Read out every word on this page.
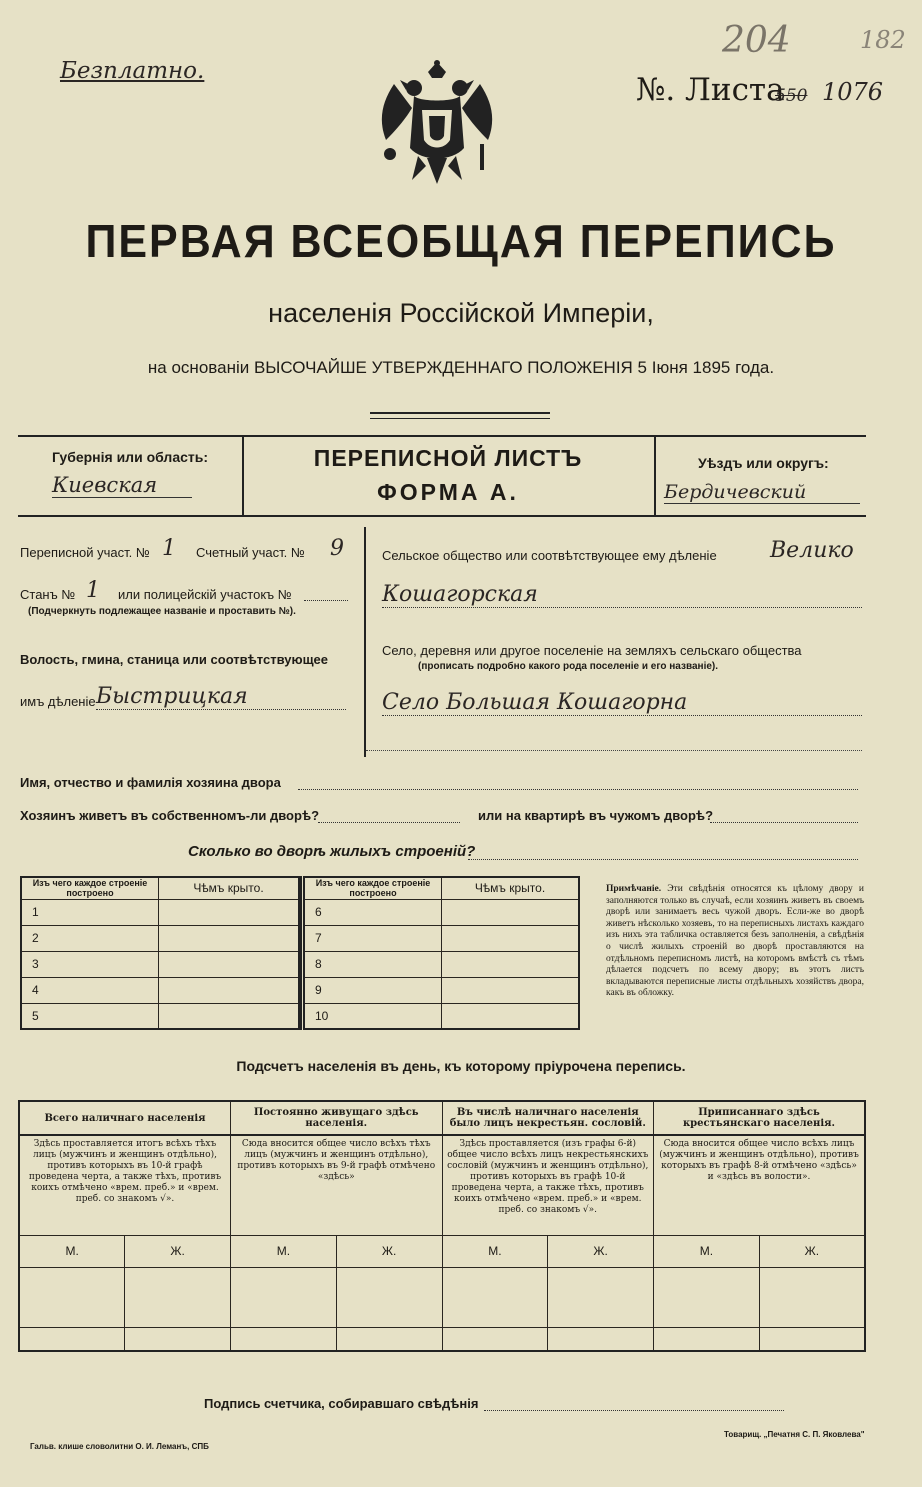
Безплатно.
№. Листа
550 1076
204	182
ПЕРВАЯ ВСЕОБЩАЯ ПЕРЕПИСЬ
населенія Россійской Имперіи,
на основаніи ВЫСОЧАЙШЕ УТВЕРЖДЕННАГО ПОЛОЖЕНІЯ 5 Іюня 1895 года.
Губернія или область:
Киевская
ПЕРЕПИСНОЙ ЛИСТЪ
ФОРМА А.
Уѣздъ или округъ:
Бердичевский
Переписной участ. № 1 Счетный участ. № 9
Станъ № 1 или полицейскій участокъ №
(Подчеркнуть подлежащее названіе и проставить №).
Волость, гмина, станица или соотвѣтствующее
имъ дѣленіе Быстрицкая
Сельское общество или соотвѣтствующее ему дѣленіе Велико
Кошагорская
Село, деревня или другое поселеніе на земляхъ сельскаго общества
(прописать подробно какого рода поселеніе и его названіе).
Село Большая Кошагорна
Имя, отчество и фамилія хозяина двора
Хозяинъ живетъ въ собственномъ-ли дворѣ?	или на квартирѣ въ чужомъ дворѣ?
Сколько во дворѣ жилыхъ строеній?
Изъ чего каждое строеніе построено	Чѣмъ крыто.
1	
2	
3	
4	
5	
Изъ чего каждое строеніе построено	Чѣмъ крыто.
6	
7	
8	
9	
10	
Примѣчаніе. Эти свѣдѣнія относятся къ цѣлому двору и заполняются только въ случаѣ, если хозяинъ живетъ въ своемъ дворѣ или занимаетъ весь чужой дворъ. Если-же во дворѣ живетъ нѣсколько хозяевъ, то на переписныхъ листахъ каждаго изъ нихъ эта табличка оставляется безъ заполненія, а свѣдѣнія о числѣ жилыхъ строеній во дворѣ проставляются на отдѣльномъ переписномъ листѣ, на которомъ вмѣстѣ съ тѣмъ дѣлается подсчетъ по всему двору; въ этотъ листъ вкладываются переписные листы отдѣльныхъ хозяйствъ двора, какъ въ обложку.
Подсчетъ населенія въ день, къ которому пріурочена перепись.
Всего наличнаго населенія		Постоянно живущаго здѣсь населенія.		Въ числѣ наличнаго населенія было лицъ некрестьян. сословій.		Приписаннаго здѣсь крестьянскаго населенія.	
Здѣсь проставляется итогъ всѣхъ тѣхъ лицъ (мужчинъ и женщинъ отдѣльно), противъ которыхъ въ 10-й графѣ проведена черта, а также тѣхъ, противъ коихъ отмѣчено «врем. преб.» и «врем. преб. со знакомъ √».		Сюда вносится общее число всѣхъ тѣхъ лицъ (мужчинъ и женщинъ отдѣльно), противъ которыхъ въ 9-й графѣ отмѣчено «здѣсь»		Здѣсь проставляется (изъ графы 6-й) общее число всѣхъ лицъ некрестьянскихъ сословій (мужчинъ и женщинъ отдѣльно), противъ которыхъ въ графѣ 10-й проведена черта, а также тѣхъ, противъ коихъ отмѣчено «врем. преб.» и «врем. преб. со знакомъ √».		Сюда вносится общее число всѣхъ лицъ (мужчинъ и женщинъ отдѣльно), противъ которыхъ въ графѣ 8-й отмѣчено «здѣсь» и «здѣсь въ волости».	
М.	Ж.	М.	Ж.	М.	Ж.	М.	Ж.

Подпись счетчика, собиравшаго свѣдѣнія
Гальв. клише словолитни О. И. Леманъ, СПБ
Товарищ. „Печатня С. П. Яковлева"
